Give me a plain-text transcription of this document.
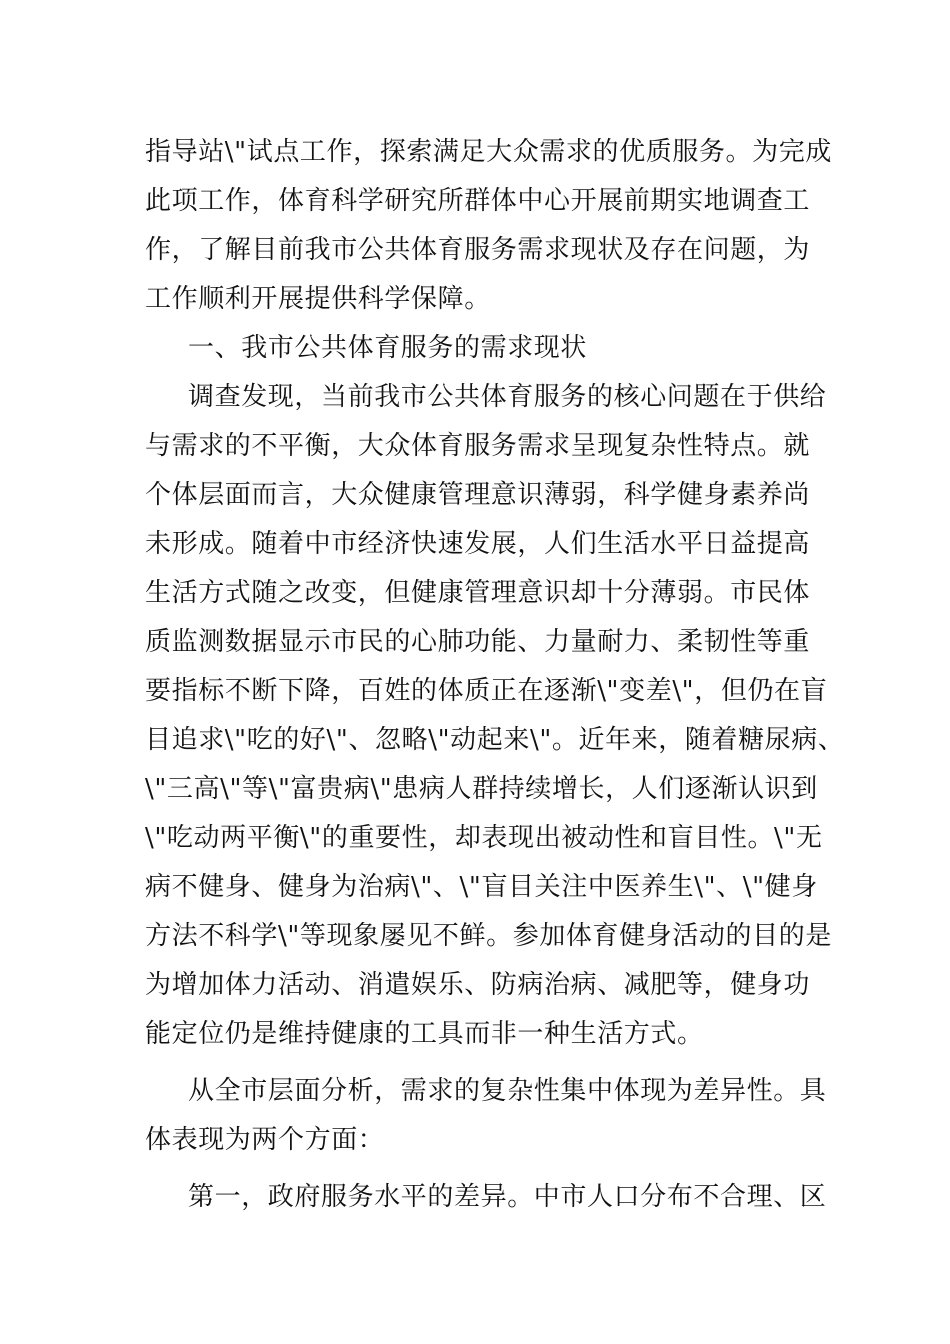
指导站\"试点工作，探索满足大众需求的优质服务。为完成
此项工作，体育科学研究所群体中心开展前期实地调查工
作，了解目前我市公共体育服务需求现状及存在问题，为
工作顺利开展提供科学保障。
一、我市公共体育服务的需求现状
调查发现，当前我市公共体育服务的核心问题在于供给
与需求的不平衡，大众体育服务需求呈现复杂性特点。就
个体层面而言，大众健康管理意识薄弱，科学健身素养尚
未形成。随着中市经济快速发展，人们生活水平日益提高
生活方式随之改变，但健康管理意识却十分薄弱。市民体
质监测数据显示市民的心肺功能、力量耐力、柔韧性等重
要指标不断下降，百姓的体质正在逐渐\"变差\"，但仍在盲
目追求\"吃的好\"、忽略\"动起来\"。近年来，随着糖尿病、
\"三高\"等\"富贵病\"患病人群持续增长，人们逐渐认识到
\"吃动两平衡\"的重要性，却表现出被动性和盲目性。\"无
病不健身、健身为治病\"、\"盲目关注中医养生\"、\"健身
方法不科学\"等现象屡见不鲜。参加体育健身活动的目的是
为增加体力活动、消遣娱乐、防病治病、减肥等，健身功
能定位仍是维持健康的工具而非一种生活方式。
从全市层面分析，需求的复杂性集中体现为差异性。具
体表现为两个方面：
第一，政府服务水平的差异。中市人口分布不合理、区
